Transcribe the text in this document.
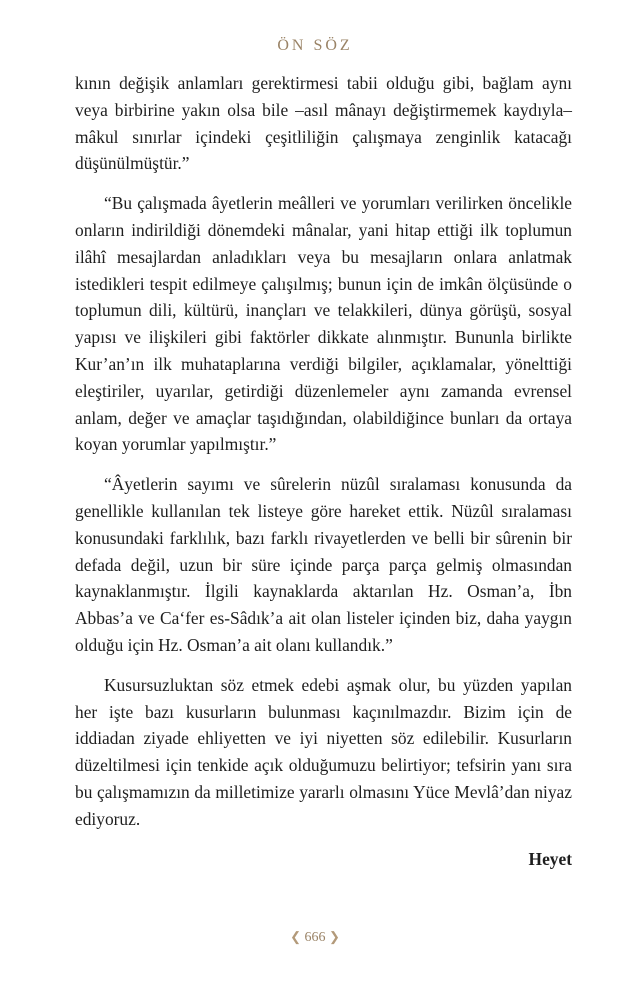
ÖN SÖZ

kının değişik anlamları gerektirmesi tabii olduğu gibi, bağlam aynı veya birbirine yakın olsa bile –asıl mânayı değiştirmemek kaydıyla– mâkul sınırlar içindeki çeşitliliğin çalışmaya zenginlik katacağı düşünülmüştür.”

“Bu çalışmada âyetlerin meâlleri ve yorumları verilirken öncelikle onların indirildiği dönemdeki mânalar, yani hitap ettiği ilk toplumun ilâhî mesajlardan anladıkları veya bu mesajların onlara anlatmak istedikleri tespit edilmeye çalışılmış; bunun için de imkân ölçüsünde o toplumun dili, kültürü, inançları ve telakkileri, dünya görüşü, sosyal yapısı ve ilişkileri gibi faktörler dikkate alınmıştır. Bununla birlikte Kur’an’ın ilk muhataplarına verdiği bilgiler, açıklamalar, yönelttiği eleştiriler, uyarılar, getirdiği düzenlemeler aynı zamanda evrensel anlam, değer ve amaçlar taşıdığından, olabildiğince bunları da ortaya koyan yorumlar yapılmıştır.”

“Âyetlerin sayımı ve sûrelerin nüzûl sıralaması konusunda da genellikle kullanılan tek listeye göre hareket ettik. Nüzûl sıralaması konusundaki farklılık, bazı farklı rivayetlerden ve belli bir sûrenin bir defada değil, uzun bir süre içinde parça parça gelmiş olmasından kaynaklanmıştır. İlgili kaynaklarda aktarılan Hz. Osman’a, İbn Abbas’a ve Ca‘fer es-Sâdık’a ait olan listeler içinden biz, daha yaygın olduğu için Hz. Osman’a ait olanı kullandık.”

Kusursuzluktan söz etmek edebi aşmak olur, bu yüzden yapılan her işte bazı kusurların bulunması kaçınılmazdır. Bizim için de iddiadan ziyade ehliyetten ve iyi niyetten söz edilebilir. Kusurların düzeltilmesi için tenkide açık olduğumuzu belirtiyor; tefsirin yanı sıra bu çalışmamızın da milletimize yararlı olmasını Yüce Mevlâ’dan niyaz ediyoruz.

Heyet
❮ 666 ❯
